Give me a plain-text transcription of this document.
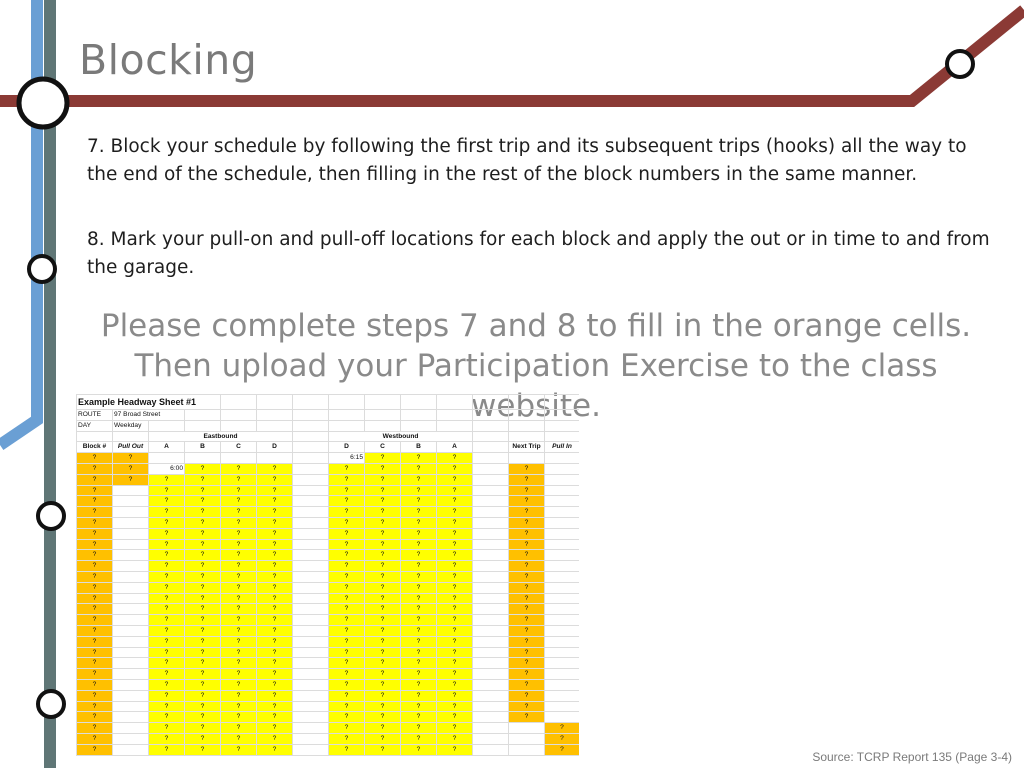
Blocking
7. Block your schedule by following the first trip and its subsequent trips (hooks) all the way to the end of the schedule, then filling in the rest of the block numbers in the same manner.
8. Mark your pull-on and pull-off locations for each block and apply the out or in time to and from the garage.
Please complete steps 7 and 8 to fill in the orange cells. Then upload your Participation Exercise to the class website.
Example Headway Sheet #1													
ROUTE	97 Broad Street												
DAY	Weekday												
		Eastbound					Westbound						
Block #	Pull Out	A	B	C	D		D	C	B	A		Next Trip	Pull In
?	?						6:15	?	?	?			
?	?	6:00	?	?	?		?	?	?	?		?	
?	?	?	?	?	?		?	?	?	?		?	
?		?	?	?	?		?	?	?	?		?	
?		?	?	?	?		?	?	?	?		?	
?		?	?	?	?		?	?	?	?		?	
?		?	?	?	?		?	?	?	?		?	
?		?	?	?	?		?	?	?	?		?	
?		?	?	?	?		?	?	?	?		?	
?		?	?	?	?		?	?	?	?		?	
?		?	?	?	?		?	?	?	?		?	
?		?	?	?	?		?	?	?	?		?	
?		?	?	?	?		?	?	?	?		?	
?		?	?	?	?		?	?	?	?		?	
?		?	?	?	?		?	?	?	?		?	
?		?	?	?	?		?	?	?	?		?	
?		?	?	?	?		?	?	?	?		?	
?		?	?	?	?		?	?	?	?		?	
?		?	?	?	?		?	?	?	?		?	
?		?	?	?	?		?	?	?	?		?	
?		?	?	?	?		?	?	?	?		?	
?		?	?	?	?		?	?	?	?		?	
?		?	?	?	?		?	?	?	?		?	
?		?	?	?	?		?	?	?	?		?	
?		?	?	?	?		?	?	?	?		?	
?		?	?	?	?		?	?	?	?			?
?		?	?	?	?		?	?	?	?			?
?		?	?	?	?		?	?	?	?			?
Source: TCRP Report 135 (Page 3-4)
